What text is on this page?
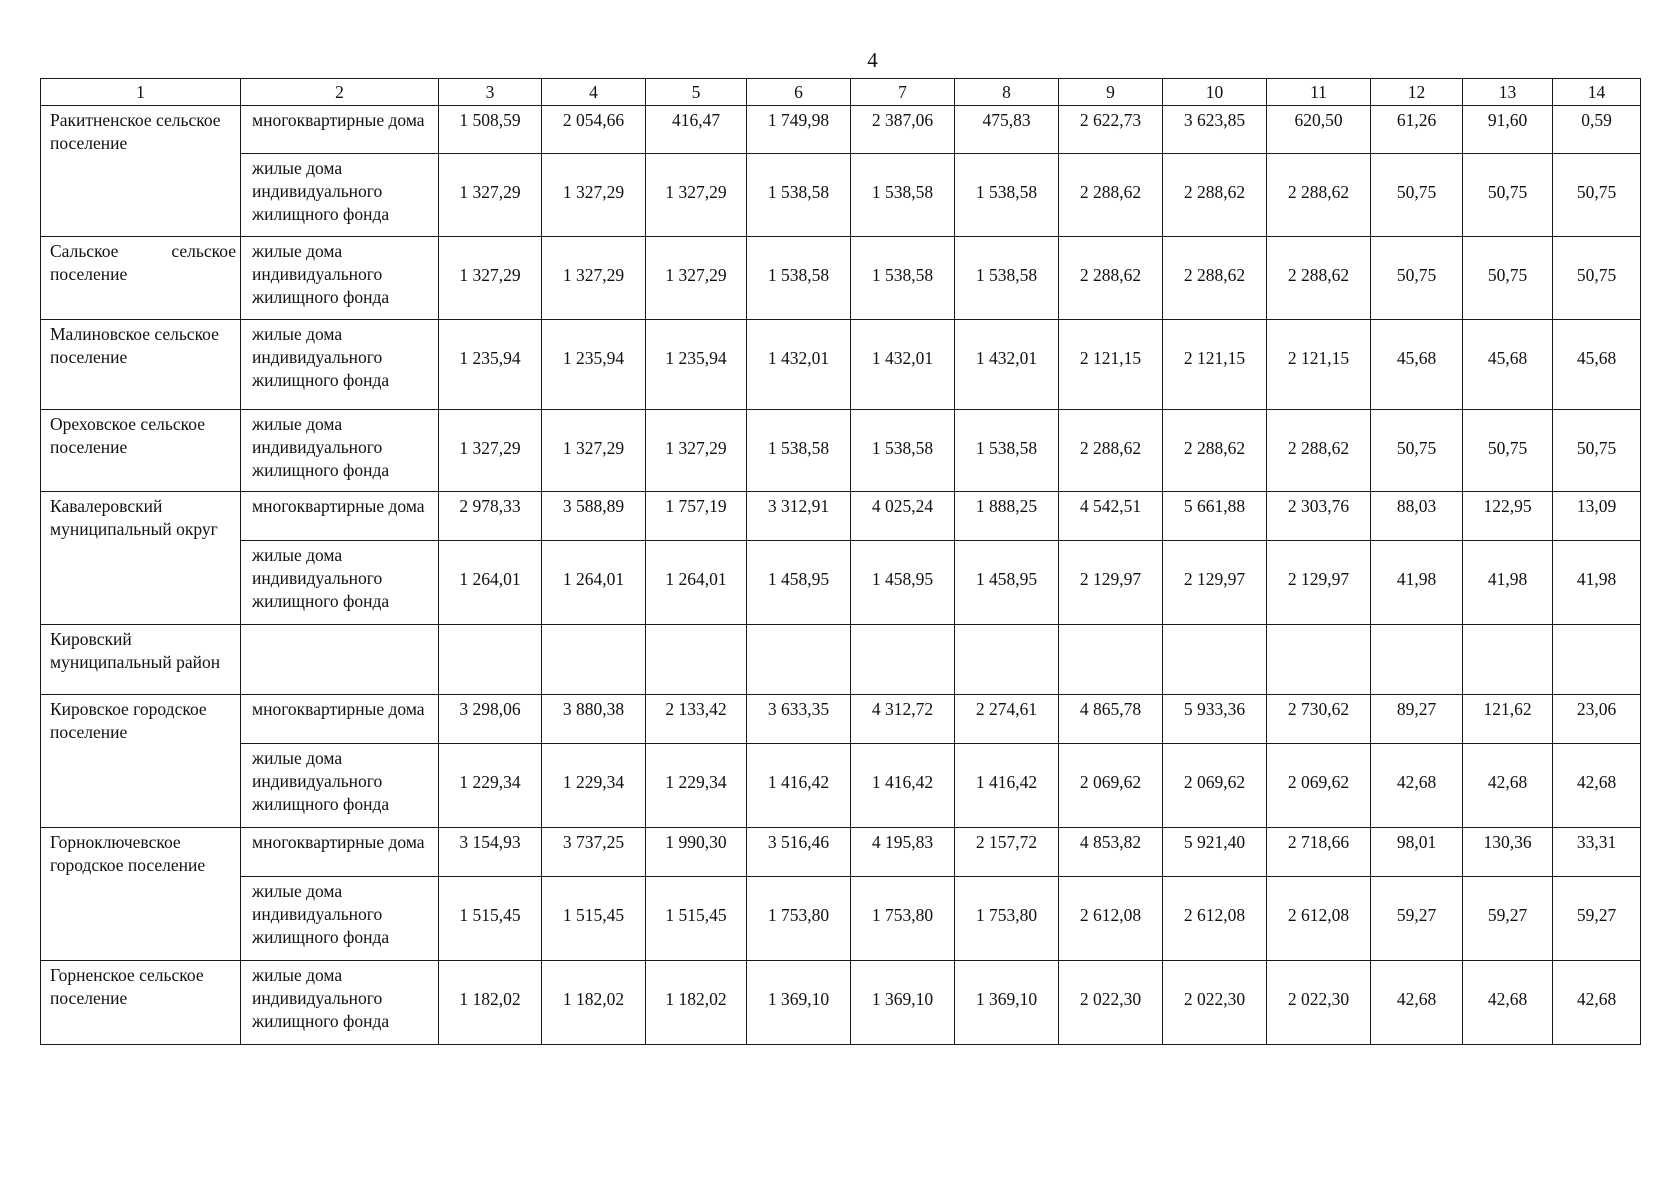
4
1	2	3	4	5	6	7	8	9	10	11	12	13	14
Ракитненское сельское поселение	многоквартирные дома	1 508,59	2 054,66	416,47	1 749,98	2 387,06	475,83	2 622,73	3 623,85	620,50	61,26	91,60	0,59
	жилые дома индивидуального жилищного фонда	1 327,29	1 327,29	1 327,29	1 538,58	1 538,58	1 538,58	2 288,62	2 288,62	2 288,62	50,75	50,75	50,75
Сальское сельское поселение	жилые дома индивидуального жилищного фонда	1 327,29	1 327,29	1 327,29	1 538,58	1 538,58	1 538,58	2 288,62	2 288,62	2 288,62	50,75	50,75	50,75
Малиновское сельское поселение	жилые дома индивидуального жилищного фонда	1 235,94	1 235,94	1 235,94	1 432,01	1 432,01	1 432,01	2 121,15	2 121,15	2 121,15	45,68	45,68	45,68
Ореховское сельское поселение	жилые дома индивидуального жилищного фонда	1 327,29	1 327,29	1 327,29	1 538,58	1 538,58	1 538,58	2 288,62	2 288,62	2 288,62	50,75	50,75	50,75
Кавалеровский муниципальный округ	многоквартирные дома	2 978,33	3 588,89	1 757,19	3 312,91	4 025,24	1 888,25	4 542,51	5 661,88	2 303,76	88,03	122,95	13,09
	жилые дома индивидуального жилищного фонда	1 264,01	1 264,01	1 264,01	1 458,95	1 458,95	1 458,95	2 129,97	2 129,97	2 129,97	41,98	41,98	41,98
Кировский муниципальный район													
Кировское городское поселение	многоквартирные дома	3 298,06	3 880,38	2 133,42	3 633,35	4 312,72	2 274,61	4 865,78	5 933,36	2 730,62	89,27	121,62	23,06
	жилые дома индивидуального жилищного фонда	1 229,34	1 229,34	1 229,34	1 416,42	1 416,42	1 416,42	2 069,62	2 069,62	2 069,62	42,68	42,68	42,68
Горноключевское городское поселение	многоквартирные дома	3 154,93	3 737,25	1 990,30	3 516,46	4 195,83	2 157,72	4 853,82	5 921,40	2 718,66	98,01	130,36	33,31
	жилые дома индивидуального жилищного фонда	1 515,45	1 515,45	1 515,45	1 753,80	1 753,80	1 753,80	2 612,08	2 612,08	2 612,08	59,27	59,27	59,27
Горненское сельское поселение	жилые дома индивидуального жилищного фонда	1 182,02	1 182,02	1 182,02	1 369,10	1 369,10	1 369,10	2 022,30	2 022,30	2 022,30	42,68	42,68	42,68
